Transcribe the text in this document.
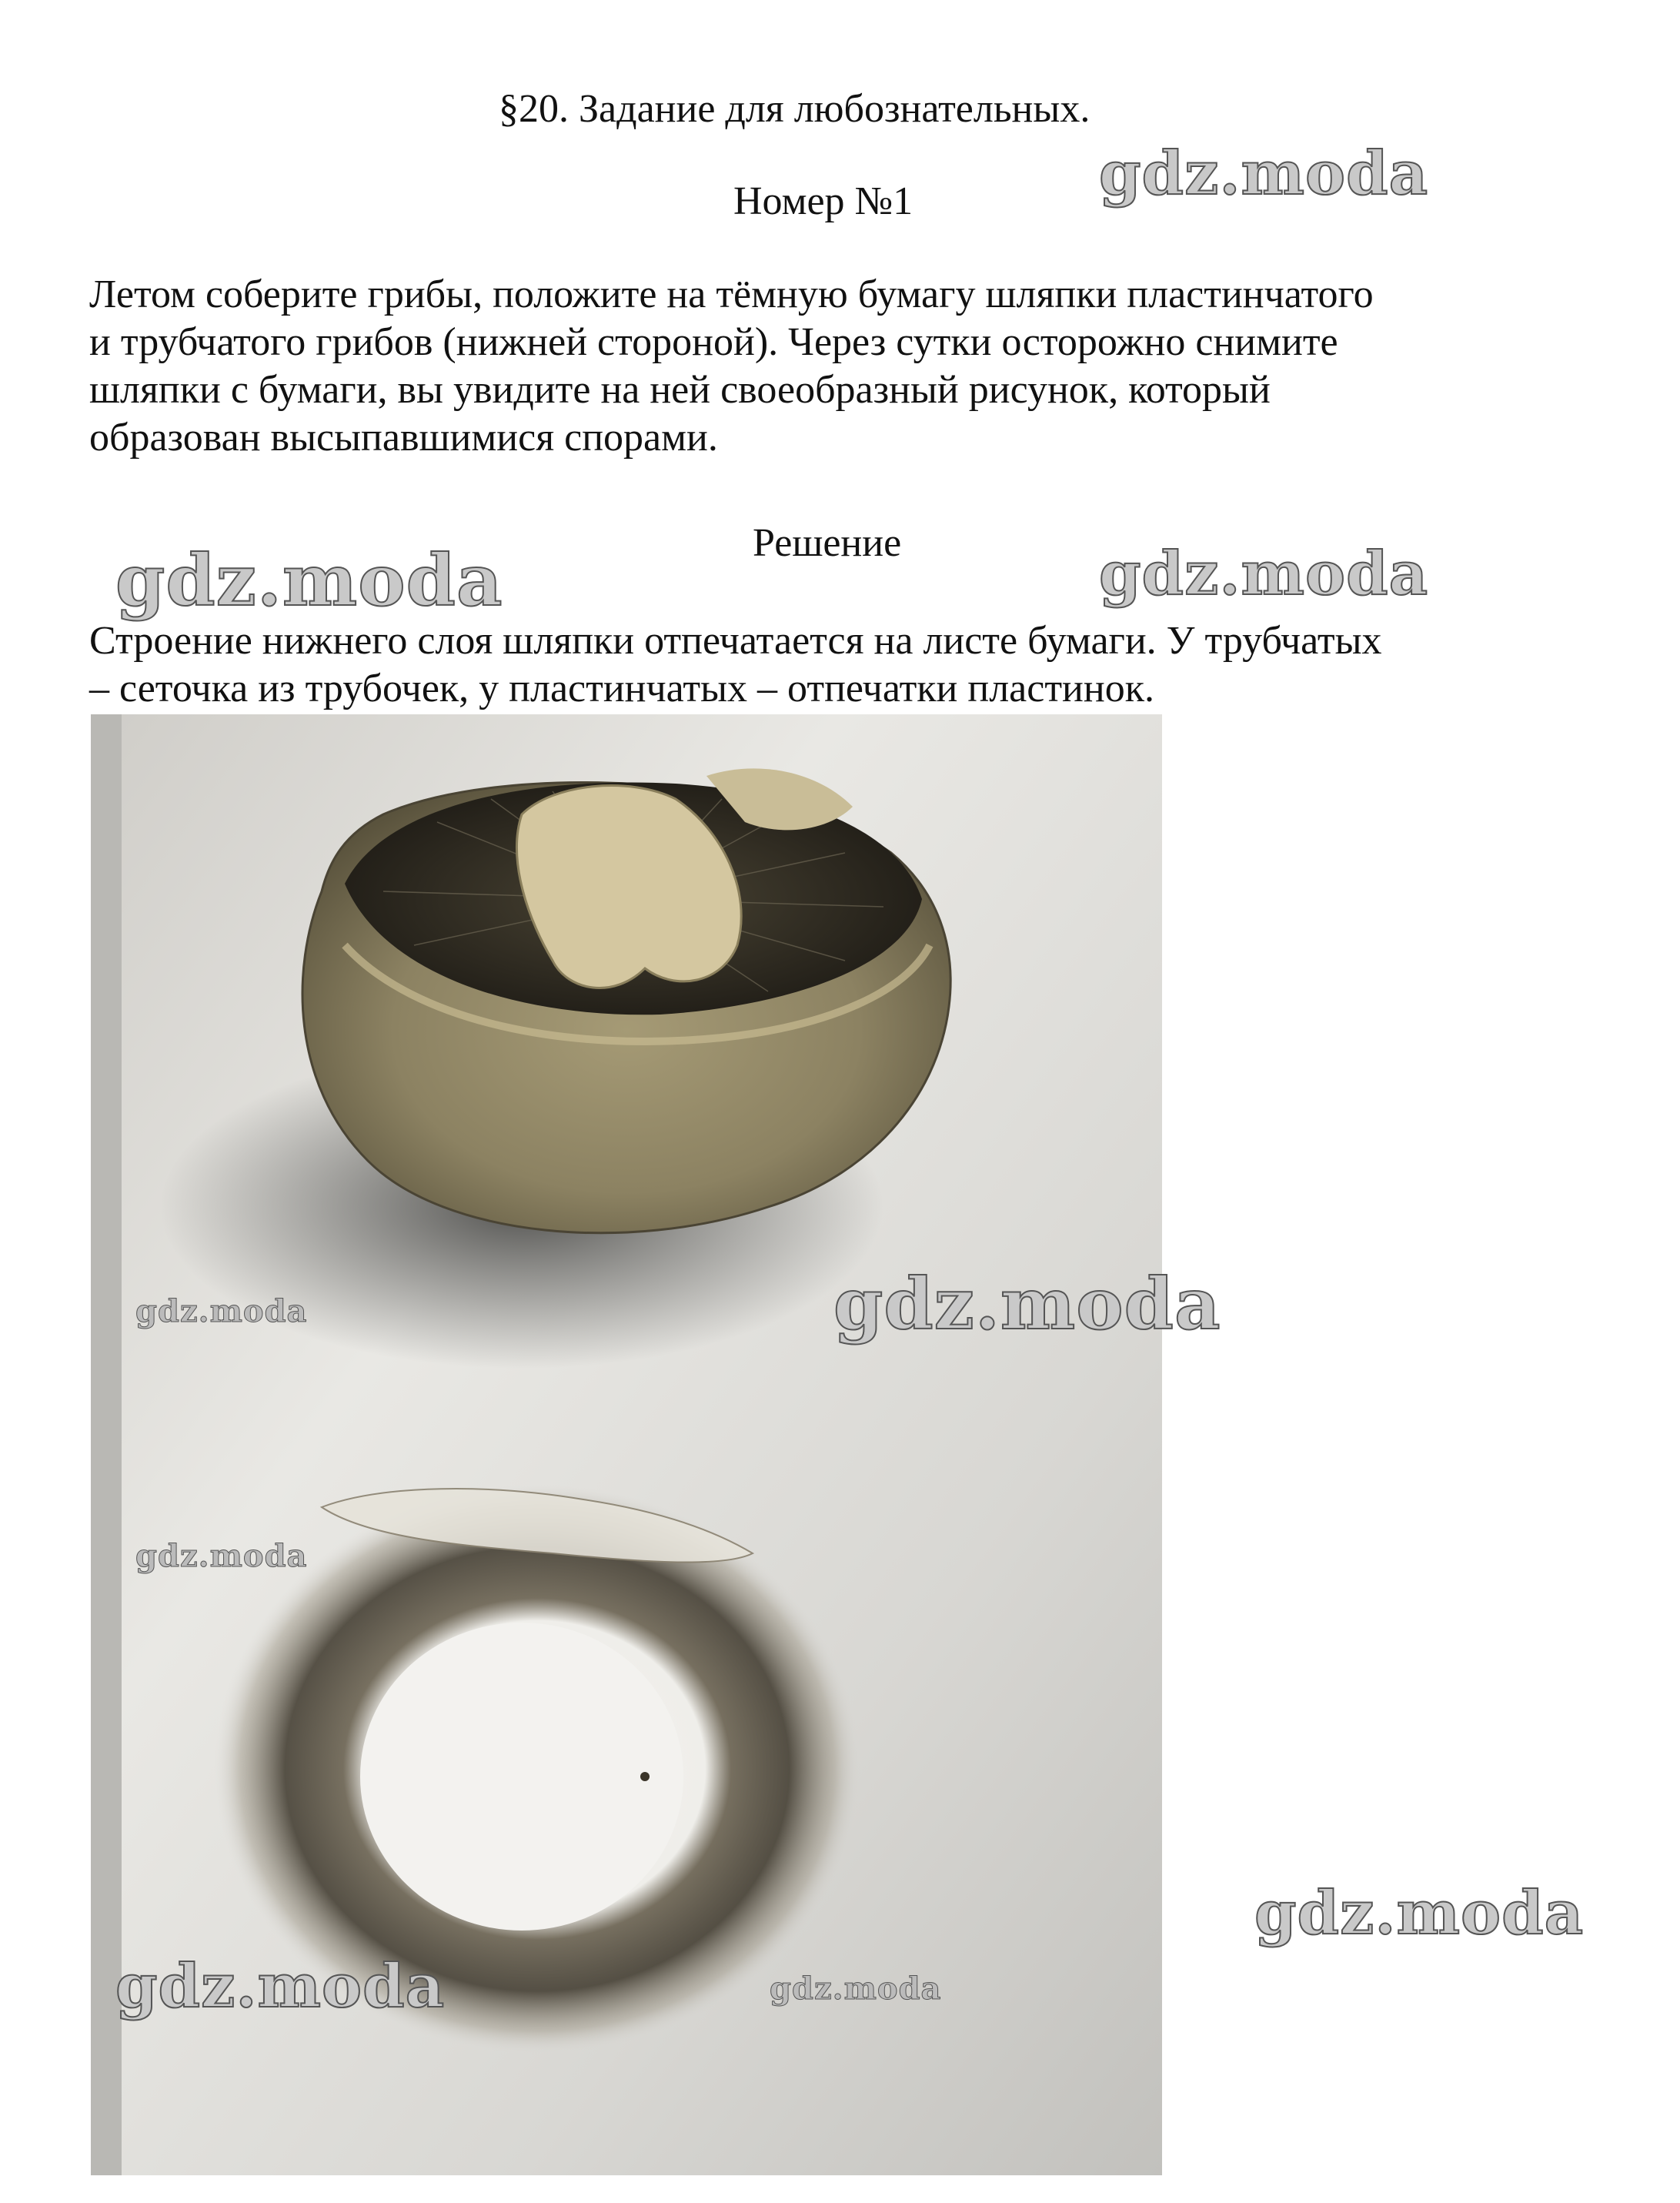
§20. Задание для любознательных.
Номер №1
Летом соберите грибы, положите на тёмную бумагу шляпки пластинчатого
и трубчатого грибов (нижней стороной). Через сутки осторожно снимите
шляпки с бумаги, вы увидите на ней своеобразный рисунок, который
образован высыпавшимися спорами.
Решение
Строение нижнего слоя шляпки отпечатается на листе бумаги. У трубчатых
– сеточка из трубочек, у пластинчатых – отпечатки пластинок.
gdz.moda
gdz.moda	gdz.moda
gdz.moda	gdz.moda
gdz.moda
gdz.moda
gdz.moda	gdz.moda
